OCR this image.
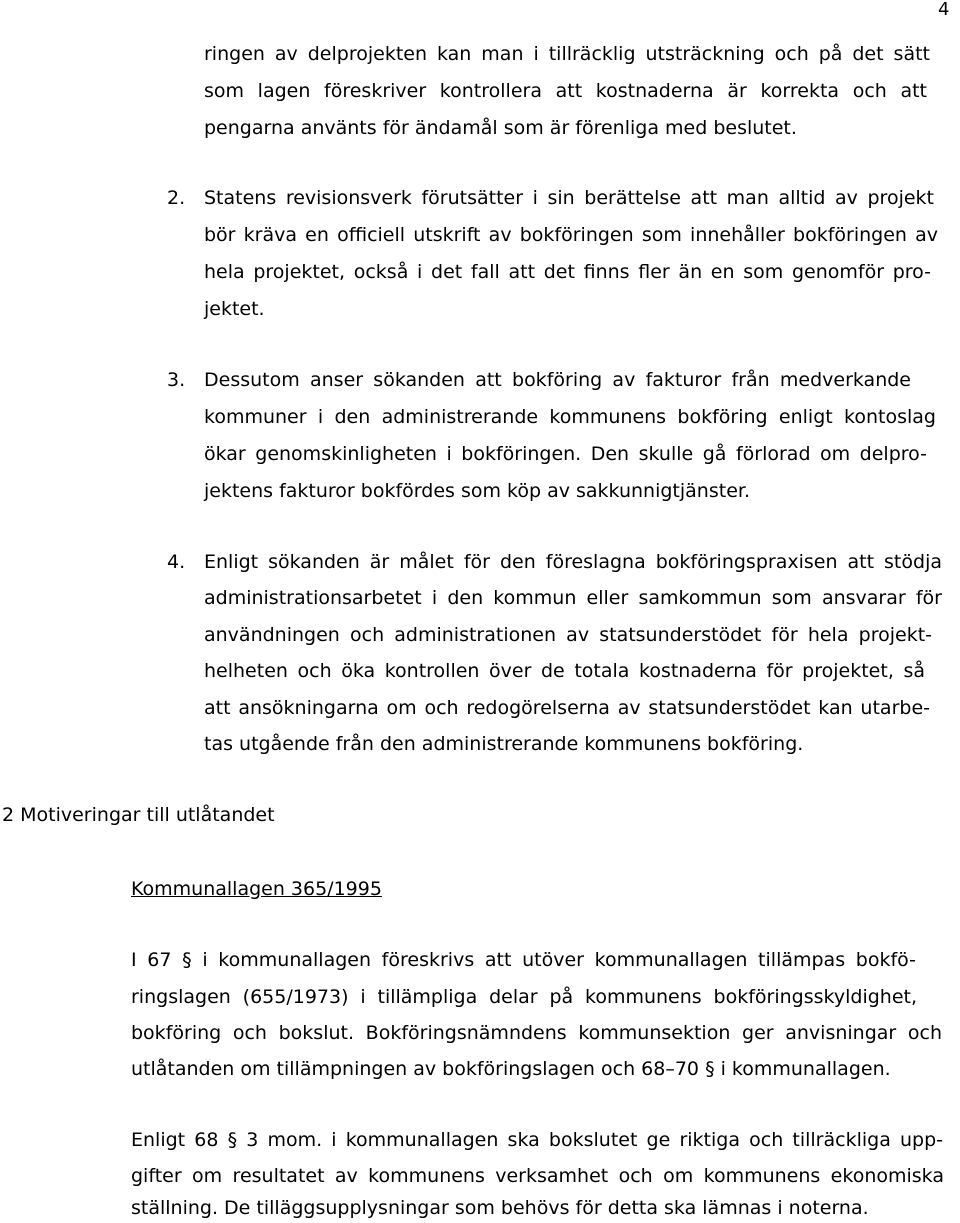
4
ringen av delprojekten kan man i tillräcklig utsträckning och på det sätt
som lagen föreskriver kontrollera att kostnaderna är korrekta och att
pengarna använts för ändamål som är förenliga med beslutet.
2. Statens revisionsverk förutsätter i sin berättelse att man alltid av projekt
bör kräva en officiell utskrift av bokföringen som innehåller bokföringen av
hela projektet, också i det fall att det finns fler än en som genomför pro-
jektet.
3. Dessutom anser sökanden att bokföring av fakturor från medverkande
kommuner i den administrerande kommunens bokföring enligt kontoslag
ökar genomskinligheten i bokföringen. Den skulle gå förlorad om delpro-
jektens fakturor bokfördes som köp av sakkunnigtjänster.
4. Enligt sökanden är målet för den föreslagna bokföringspraxisen att stödja
administrationsarbetet i den kommun eller samkommun som ansvarar för
användningen och administrationen av statsunderstödet för hela projekt-
helheten och öka kontrollen över de totala kostnaderna för projektet, så
att ansökningarna om och redogörelserna av statsunderstödet kan utarbe-
tas utgående från den administrerande kommunens bokföring.
2 Motiveringar till utlåtandet
Kommunallagen 365/1995
I 67 § i kommunallagen föreskrivs att utöver kommunallagen tillämpas bokfö-
ringslagen (655/1973) i tillämpliga delar på kommunens bokföringsskyldighet,
bokföring och bokslut. Bokföringsnämndens kommunsektion ger anvisningar och
utlåtanden om tillämpningen av bokföringslagen och 68–70 § i kommunallagen.
Enligt 68 § 3 mom. i kommunallagen ska bokslutet ge riktiga och tillräckliga upp-
gifter om resultatet av kommunens verksamhet och om kommunens ekonomiska
ställning. De tilläggsupplysningar som behövs för detta ska lämnas i noterna.
